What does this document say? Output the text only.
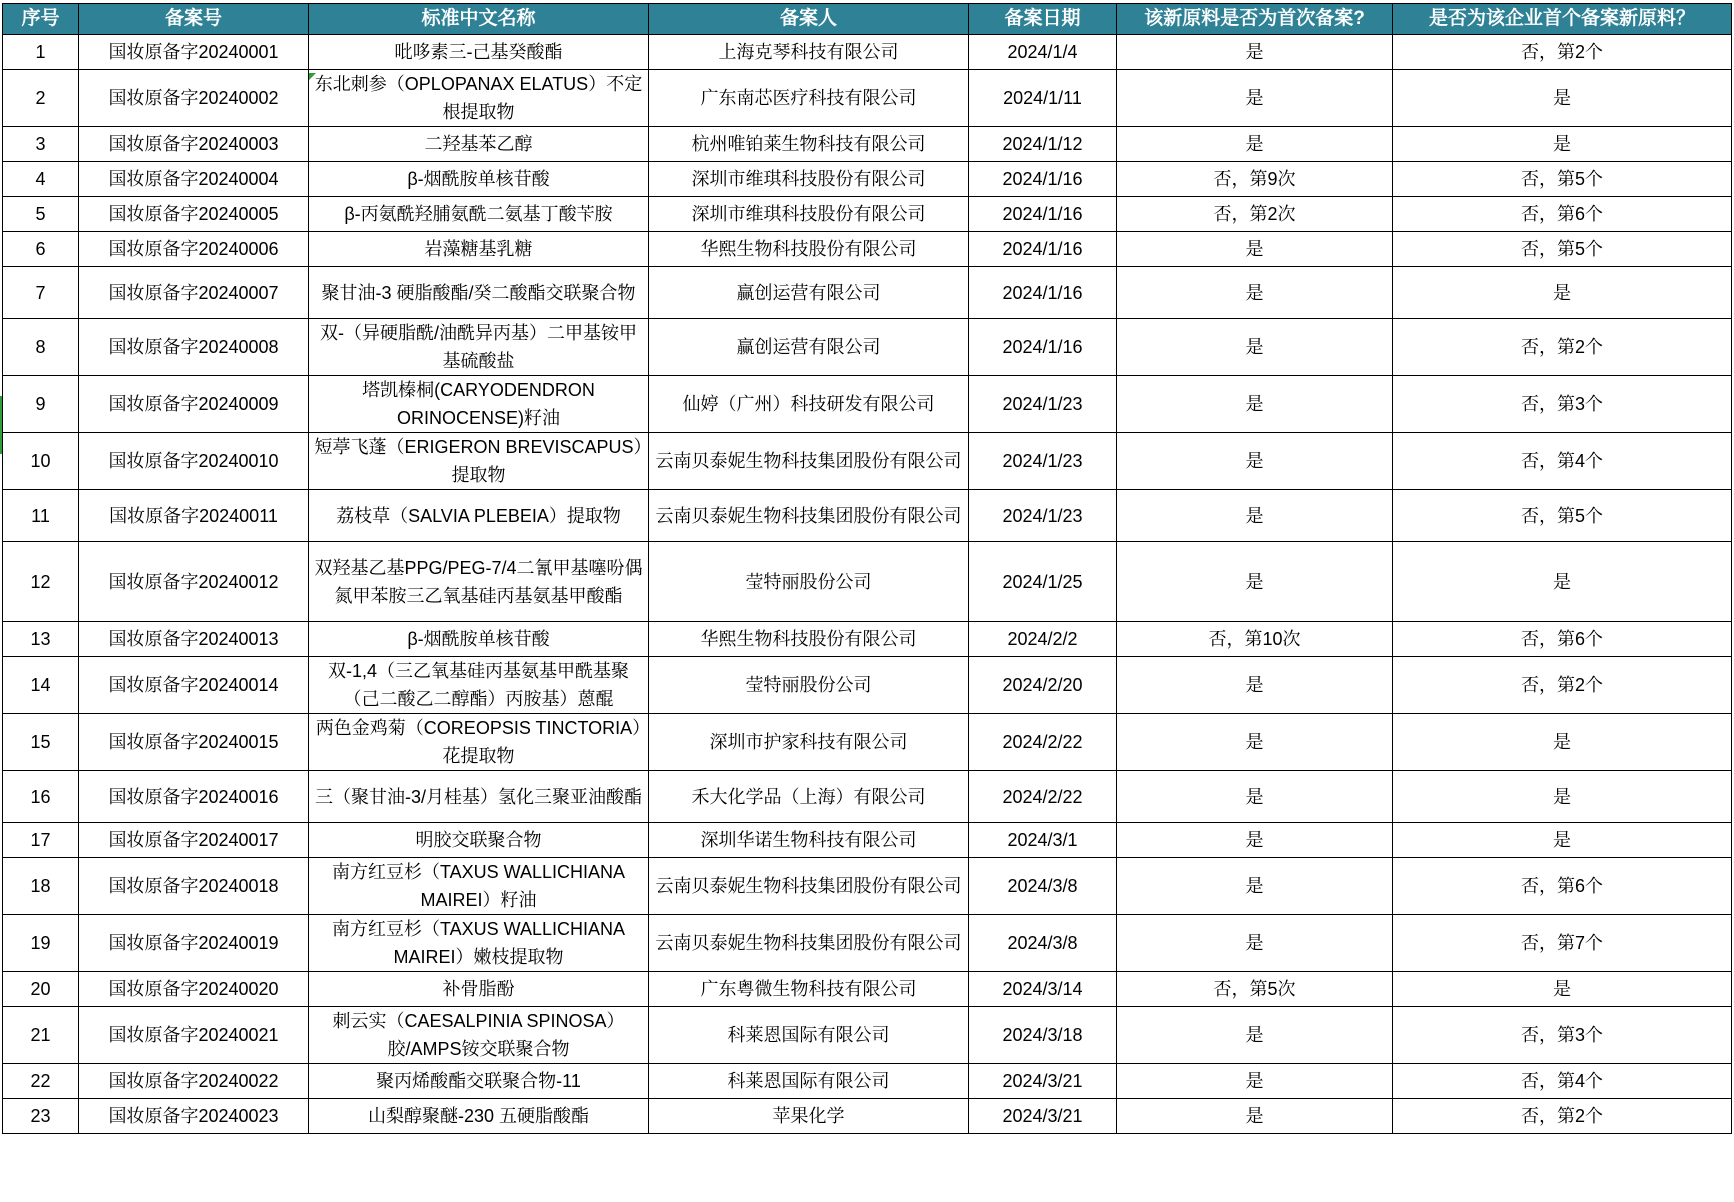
序号	备案号	标准中文名称	备案人	备案日期	该新原料是否为首次备案?	是否为该企业首个备案新原料？
1	国妆原备字20240001	吡哆素三-己基癸酸酯	上海克琴科技有限公司	2024/1/4	是	否，第2个
2	国妆原备字20240002	东北刺参（OPLOPANAX ELATUS）不定根提取物	广东南芯医疗科技有限公司	2024/1/11	是	是
3	国妆原备字20240003	二羟基苯乙醇	杭州唯铂莱生物科技有限公司	2024/1/12	是	是
4	国妆原备字20240004	β-烟酰胺单核苷酸	深圳市维琪科技股份有限公司	2024/1/16	否，第9次	否，第5个
5	国妆原备字20240005	β-丙氨酰羟脯氨酰二氨基丁酸苄胺	深圳市维琪科技股份有限公司	2024/1/16	否，第2次	否，第6个
6	国妆原备字20240006	岩藻糖基乳糖	华熙生物科技股份有限公司	2024/1/16	是	否，第5个
7	国妆原备字20240007	聚甘油-3 硬脂酸酯/癸二酸酯交联聚合物	赢创运营有限公司	2024/1/16	是	是
8	国妆原备字20240008	双-（异硬脂酰/油酰异丙基）二甲基铵甲基硫酸盐	赢创运营有限公司	2024/1/16	是	否，第2个
9	国妆原备字20240009	塔凯榛桐(CARYODENDRON ORINOCENSE)籽油	仙婷（广州）科技研发有限公司	2024/1/23	是	否，第3个
10	国妆原备字20240010	短葶飞蓬（ERIGERON BREVISCAPUS）提取物	云南贝泰妮生物科技集团股份有限公司	2024/1/23	是	否，第4个
11	国妆原备字20240011	荔枝草（SALVIA PLEBEIA）提取物	云南贝泰妮生物科技集团股份有限公司	2024/1/23	是	否，第5个
12	国妆原备字20240012	双羟基乙基PPG/PEG-7/4二氰甲基噻吩偶氮甲苯胺三乙氧基硅丙基氨基甲酸酯	莹特丽股份公司	2024/1/25	是	是
13	国妆原备字20240013	β-烟酰胺单核苷酸	华熙生物科技股份有限公司	2024/2/2	否，第10次	否，第6个
14	国妆原备字20240014	双-1,4（三乙氧基硅丙基氨基甲酰基聚（己二酸乙二醇酯）丙胺基）蒽醌	莹特丽股份公司	2024/2/20	是	否，第2个
15	国妆原备字20240015	两色金鸡菊（COREOPSIS TINCTORIA）花提取物	深圳市护家科技有限公司	2024/2/22	是	是
16	国妆原备字20240016	三（聚甘油-3/月桂基）氢化三聚亚油酸酯	禾大化学品（上海）有限公司	2024/2/22	是	是
17	国妆原备字20240017	明胶交联聚合物	深圳华诺生物科技有限公司	2024/3/1	是	是
18	国妆原备字20240018	南方红豆杉（TAXUS WALLICHIANA MAIREI）籽油	云南贝泰妮生物科技集团股份有限公司	2024/3/8	是	否，第6个
19	国妆原备字20240019	南方红豆杉（TAXUS WALLICHIANA MAIREI）嫩枝提取物	云南贝泰妮生物科技集团股份有限公司	2024/3/8	是	否，第7个
20	国妆原备字20240020	补骨脂酚	广东粤微生物科技有限公司	2024/3/14	否，第5次	是
21	国妆原备字20240021	刺云实（CAESALPINIA SPINOSA）胶/AMPS铵交联聚合物	科莱恩国际有限公司	2024/3/18	是	否，第3个
22	国妆原备字20240022	聚丙烯酸酯交联聚合物-11	科莱恩国际有限公司	2024/3/21	是	否，第4个
23	国妆原备字20240023	山梨醇聚醚-230 五硬脂酸酯	苹果化学	2024/3/21	是	否，第2个
